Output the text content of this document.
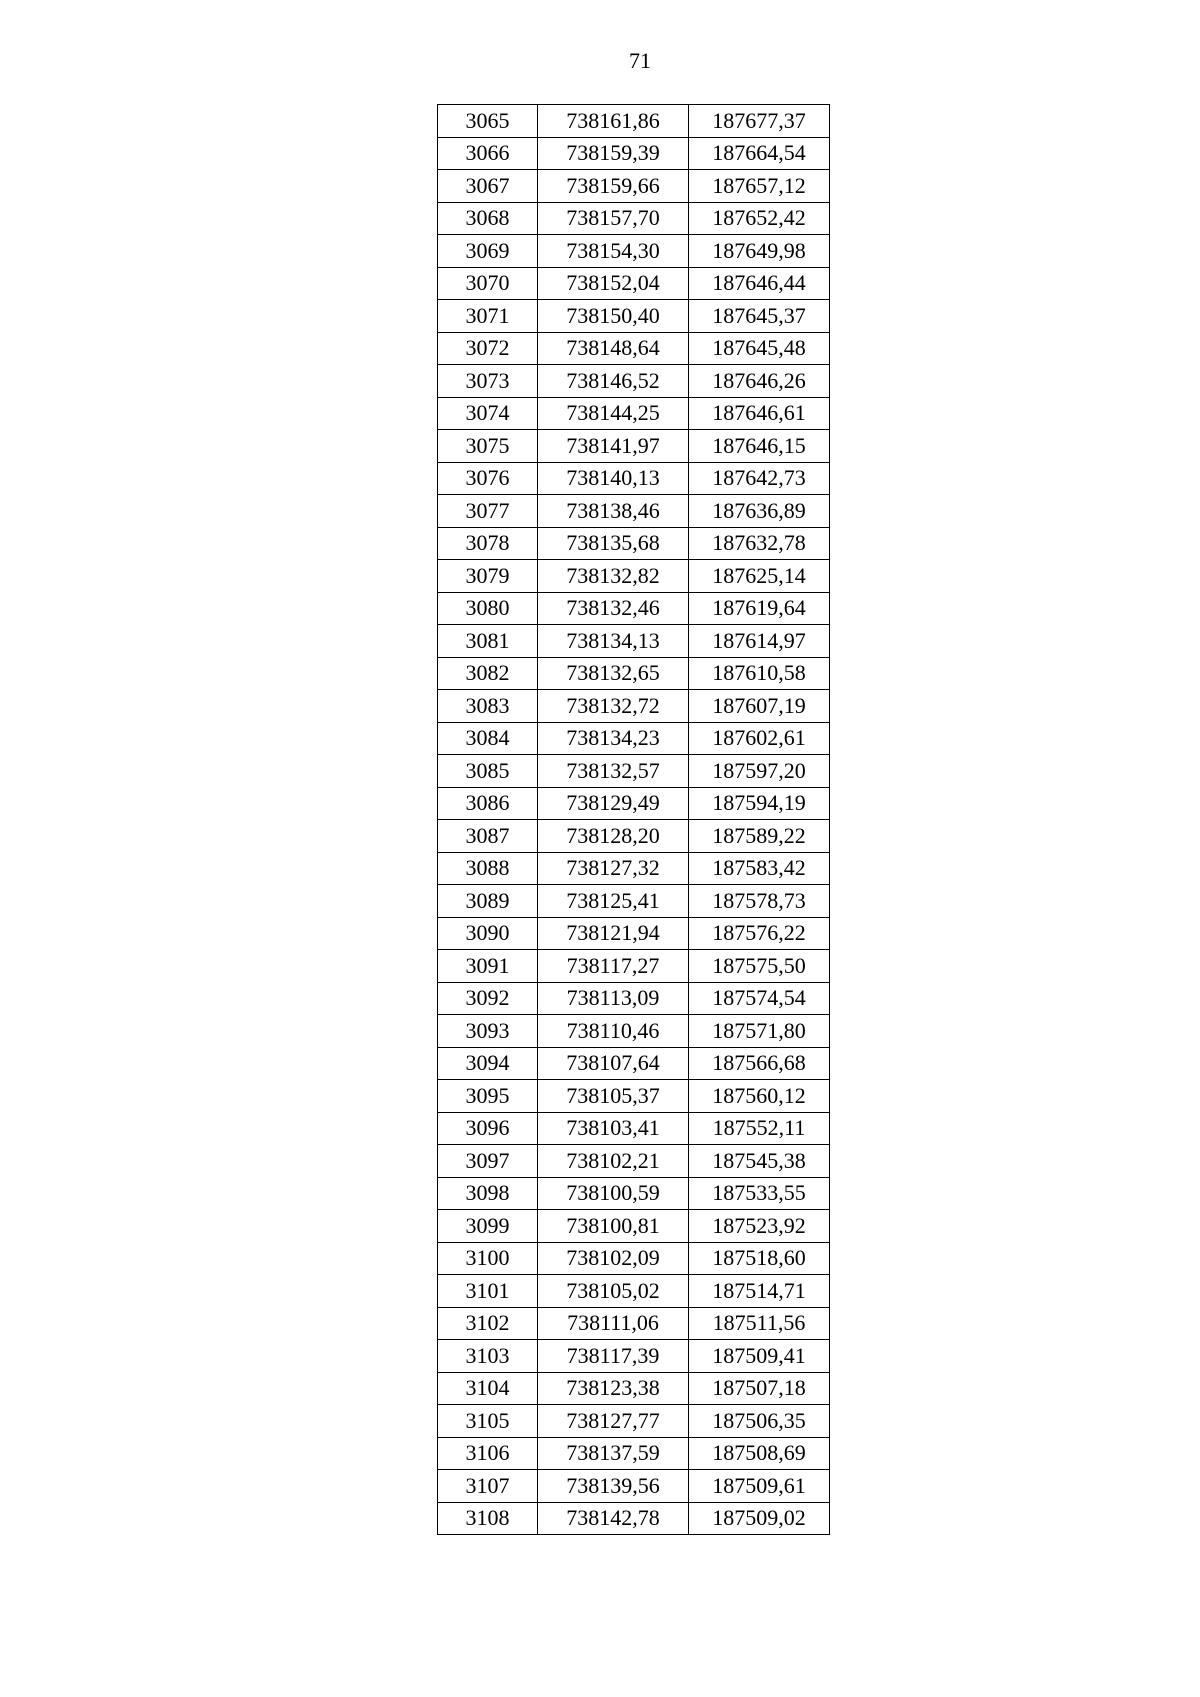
71
3065	738161,86	187677,37
3066	738159,39	187664,54
3067	738159,66	187657,12
3068	738157,70	187652,42
3069	738154,30	187649,98
3070	738152,04	187646,44
3071	738150,40	187645,37
3072	738148,64	187645,48
3073	738146,52	187646,26
3074	738144,25	187646,61
3075	738141,97	187646,15
3076	738140,13	187642,73
3077	738138,46	187636,89
3078	738135,68	187632,78
3079	738132,82	187625,14
3080	738132,46	187619,64
3081	738134,13	187614,97
3082	738132,65	187610,58
3083	738132,72	187607,19
3084	738134,23	187602,61
3085	738132,57	187597,20
3086	738129,49	187594,19
3087	738128,20	187589,22
3088	738127,32	187583,42
3089	738125,41	187578,73
3090	738121,94	187576,22
3091	738117,27	187575,50
3092	738113,09	187574,54
3093	738110,46	187571,80
3094	738107,64	187566,68
3095	738105,37	187560,12
3096	738103,41	187552,11
3097	738102,21	187545,38
3098	738100,59	187533,55
3099	738100,81	187523,92
3100	738102,09	187518,60
3101	738105,02	187514,71
3102	738111,06	187511,56
3103	738117,39	187509,41
3104	738123,38	187507,18
3105	738127,77	187506,35
3106	738137,59	187508,69
3107	738139,56	187509,61
3108	738142,78	187509,02
